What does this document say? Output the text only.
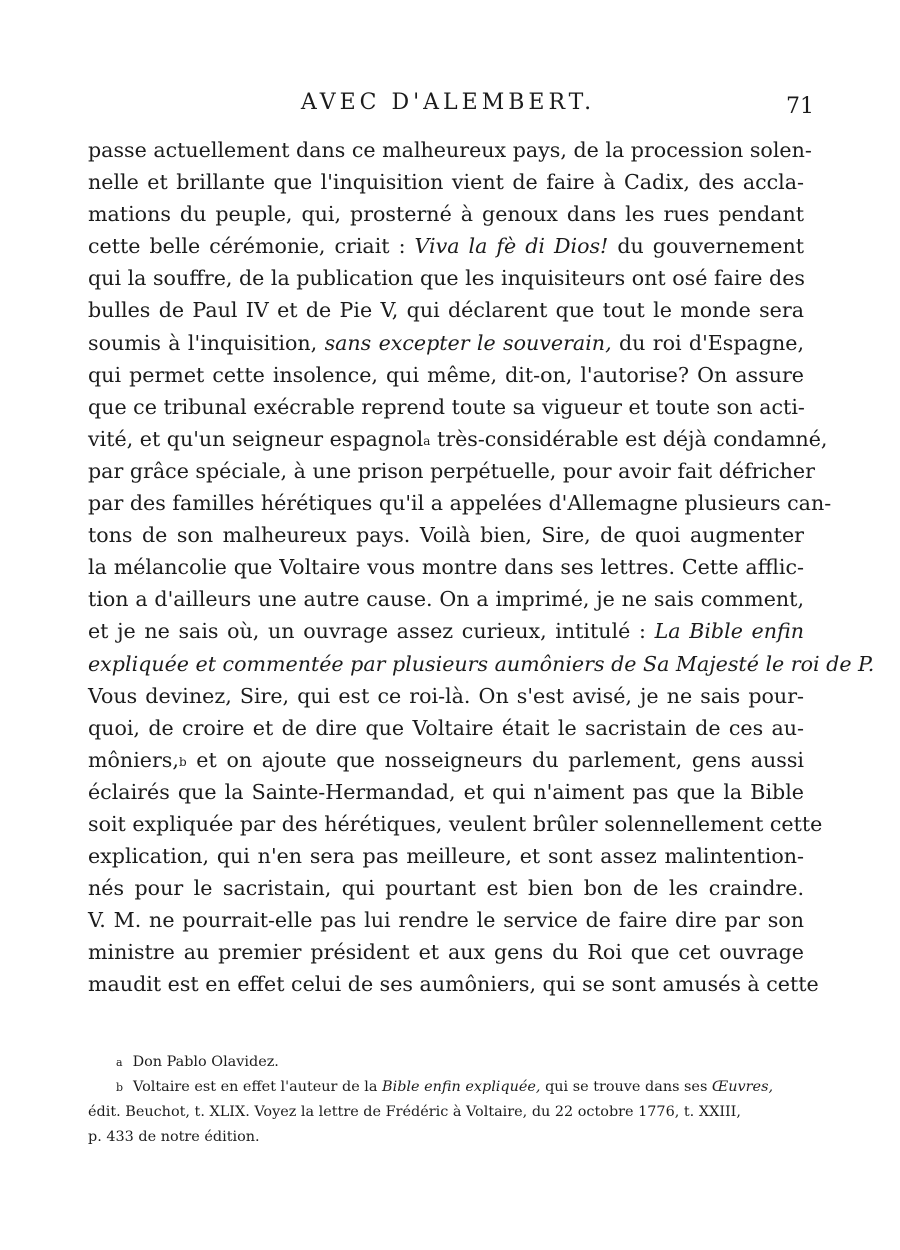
AVEC D'ALEMBERT.	71
passe actuellement dans ce malheureux pays, de la procession solen-
nelle et brillante que l'inquisition vient de faire à Cadix, des accla-
mations du peuple, qui, prosterné à genoux dans les rues pendant
cette belle cérémonie, criait : Viva la fè di Dios! du gouvernement
qui la souffre, de la publication que les inquisiteurs ont osé faire des
bulles de Paul IV et de Pie V, qui déclarent que tout le monde sera
soumis à l'inquisition, sans excepter le souverain, du roi d'Espagne,
qui permet cette insolence, qui même, dit-on, l'autorise? On assure
que ce tribunal exécrable reprend toute sa vigueur et toute son acti-
vité, et qu'un seigneur espagnol$^a$ très-considérable est déjà condamné,
par grâce spéciale, à une prison perpétuelle, pour avoir fait défricher
par des familles hérétiques qu'il a appelées d'Allemagne plusieurs can-
tons de son malheureux pays. Voilà bien, Sire, de quoi augmenter
la mélancolie que Voltaire vous montre dans ses lettres. Cette afflic-
tion a d'ailleurs une autre cause. On a imprimé, je ne sais comment,
et je ne sais où, un ouvrage assez curieux, intitulé : La Bible enfin
expliquée et commentée par plusieurs aumôniers de Sa Majesté le roi de P.
Vous devinez, Sire, qui est ce roi-là. On s'est avisé, je ne sais pour-
quoi, de croire et de dire que Voltaire était le sacristain de ces au-
môniers,$^b$ et on ajoute que nosseigneurs du parlement, gens aussi
éclairés que la Sainte-Hermandad, et qui n'aiment pas que la Bible
soit expliquée par des hérétiques, veulent brûler solennellement cette
explication, qui n'en sera pas meilleure, et sont assez malintention-
nés pour le sacristain, qui pourtant est bien bon de les craindre.
V. M. ne pourrait-elle pas lui rendre le service de faire dire par son
ministre au premier président et aux gens du Roi que cet ouvrage
maudit est en effet celui de ses aumôniers, qui se sont amusés à cette
$^a$ Don Pablo Olavidez.
$^b$ Voltaire est en effet l'auteur de la Bible enfin expliquée, qui se trouve dans ses Œuvres,
édit. Beuchot, t. XLIX. Voyez la lettre de Frédéric à Voltaire, du 22 octobre 1776, t. XXIII,
p. 433 de notre édition.
